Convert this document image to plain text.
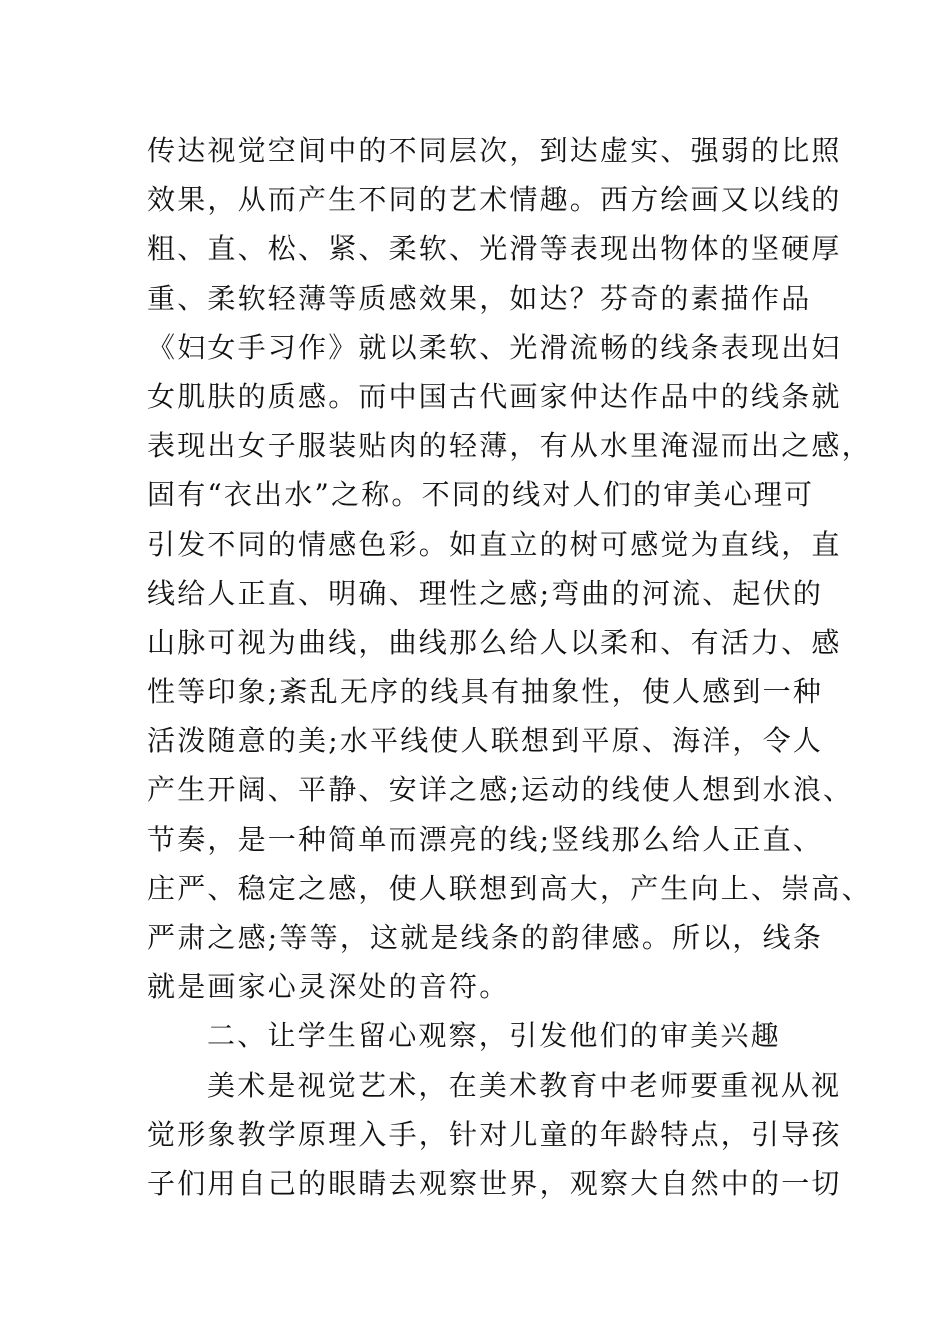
传达视觉空间中的不同层次，到达虚实、强弱的比照
效果，从而产生不同的艺术情趣。西方绘画又以线的
粗、直、松、紧、柔软、光滑等表现出物体的坚硬厚
重、柔软轻薄等质感效果，如达？芬奇的素描作品
《妇女手习作》就以柔软、光滑流畅的线条表现出妇
女肌肤的质感。而中国古代画家仲达作品中的线条就
表现出女子服装贴肉的轻薄，有从水里淹湿而出之感，
固有“衣出水”之称。不同的线对人们的审美心理可
引发不同的情感色彩。如直立的树可感觉为直线，直
线给人正直、明确、理性之感;弯曲的河流、起伏的
山脉可视为曲线，曲线那么给人以柔和、有活力、感
性等印象;紊乱无序的线具有抽象性，使人感到一种
活泼随意的美;水平线使人联想到平原、海洋，令人
产生开阔、平静、安详之感;运动的线使人想到水浪、
节奏，是一种简单而漂亮的线;竖线那么给人正直、
庄严、稳定之感，使人联想到高大，产生向上、崇高、
严肃之感;等等，这就是线条的韵律感。所以，线条
就是画家心灵深处的音符。
二、让学生留心观察，引发他们的审美兴趣
美术是视觉艺术，在美术教育中老师要重视从视
觉形象教学原理入手，针对儿童的年龄特点，引导孩
子们用自己的眼睛去观察世界，观察大自然中的一切
